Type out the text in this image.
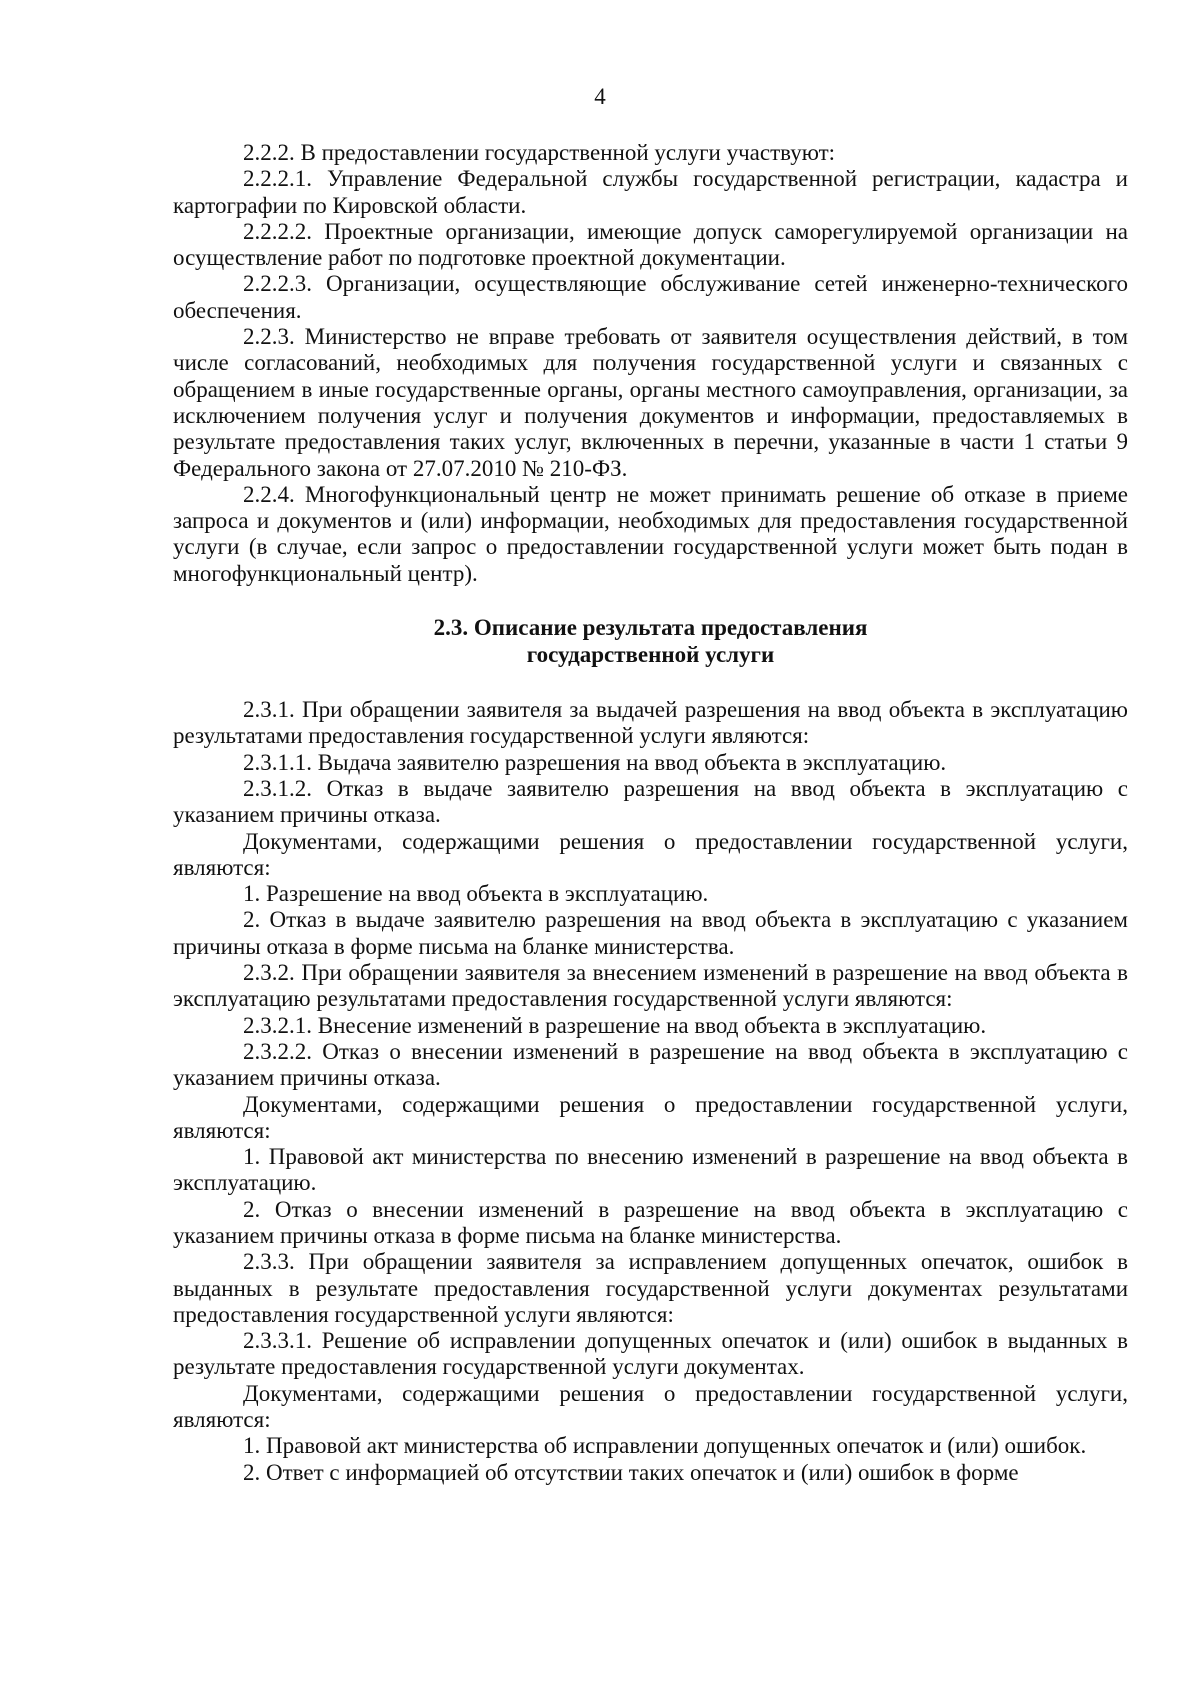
4

2.2.2. В предоставлении государственной услуги участвуют:

2.2.2.1. Управление Федеральной службы государственной регистрации, кадастра и картографии по Кировской области.

2.2.2.2. Проектные организации, имеющие допуск саморегулируемой организации на осуществление работ по подготовке проектной документации.

2.2.2.3. Организации, осуществляющие обслуживание сетей инженерно-технического обеспечения.

2.2.3. Министерство не вправе требовать от заявителя осуществления действий, в том числе согласований, необходимых для получения государственной услуги и связанных с обращением в иные государственные органы, органы местного самоуправления, организации, за исключением получения услуг и получения документов и информации, предоставляемых в результате предоставления таких услуг, включенных в перечни, указанные в части 1 статьи 9 Федерального закона от 27.07.2010 № 210-ФЗ.

2.2.4. Многофункциональный центр не может принимать решение об отказе в приеме запроса и документов и (или) информации, необходимых для предоставления государственной услуги (в случае, если запрос о предоставлении государственной услуги может быть подан в многофункциональный центр).

2.3. Описание результата предоставления
государственной услуги

2.3.1. При обращении заявителя за выдачей разрешения на ввод объекта в эксплуатацию результатами предоставления государственной услуги являются:

2.3.1.1. Выдача заявителю разрешения на ввод объекта в эксплуатацию.

2.3.1.2. Отказ в выдаче заявителю разрешения на ввод объекта в эксплуатацию с указанием причины отказа.

Документами, содержащими решения о предоставлении государственной услуги, являются:

1. Разрешение на ввод объекта в эксплуатацию.

2. Отказ в выдаче заявителю разрешения на ввод объекта в эксплуатацию с указанием причины отказа в форме письма на бланке министерства.

2.3.2. При обращении заявителя за внесением изменений в разрешение на ввод объекта в эксплуатацию результатами предоставления государственной услуги являются:

2.3.2.1. Внесение изменений в разрешение на ввод объекта в эксплуатацию.

2.3.2.2. Отказ о внесении изменений в разрешение на ввод объекта в эксплуатацию с указанием причины отказа.

Документами, содержащими решения о предоставлении государственной услуги, являются:

1. Правовой акт министерства по внесению изменений в разрешение на ввод объекта в эксплуатацию.

2. Отказ о внесении изменений в разрешение на ввод объекта в эксплуатацию с указанием причины отказа в форме письма на бланке министерства.

2.3.3. При обращении заявителя за исправлением допущенных опечаток, ошибок в выданных в результате предоставления государственной услуги документах результатами предоставления государственной услуги являются:

2.3.3.1. Решение об исправлении допущенных опечаток и (или) ошибок в выданных в результате предоставления государственной услуги документах.

Документами, содержащими решения о предоставлении государственной услуги, являются:

1. Правовой акт министерства об исправлении допущенных опечаток и (или) ошибок.

2. Ответ с информацией об отсутствии таких опечаток и (или) ошибок в форме
